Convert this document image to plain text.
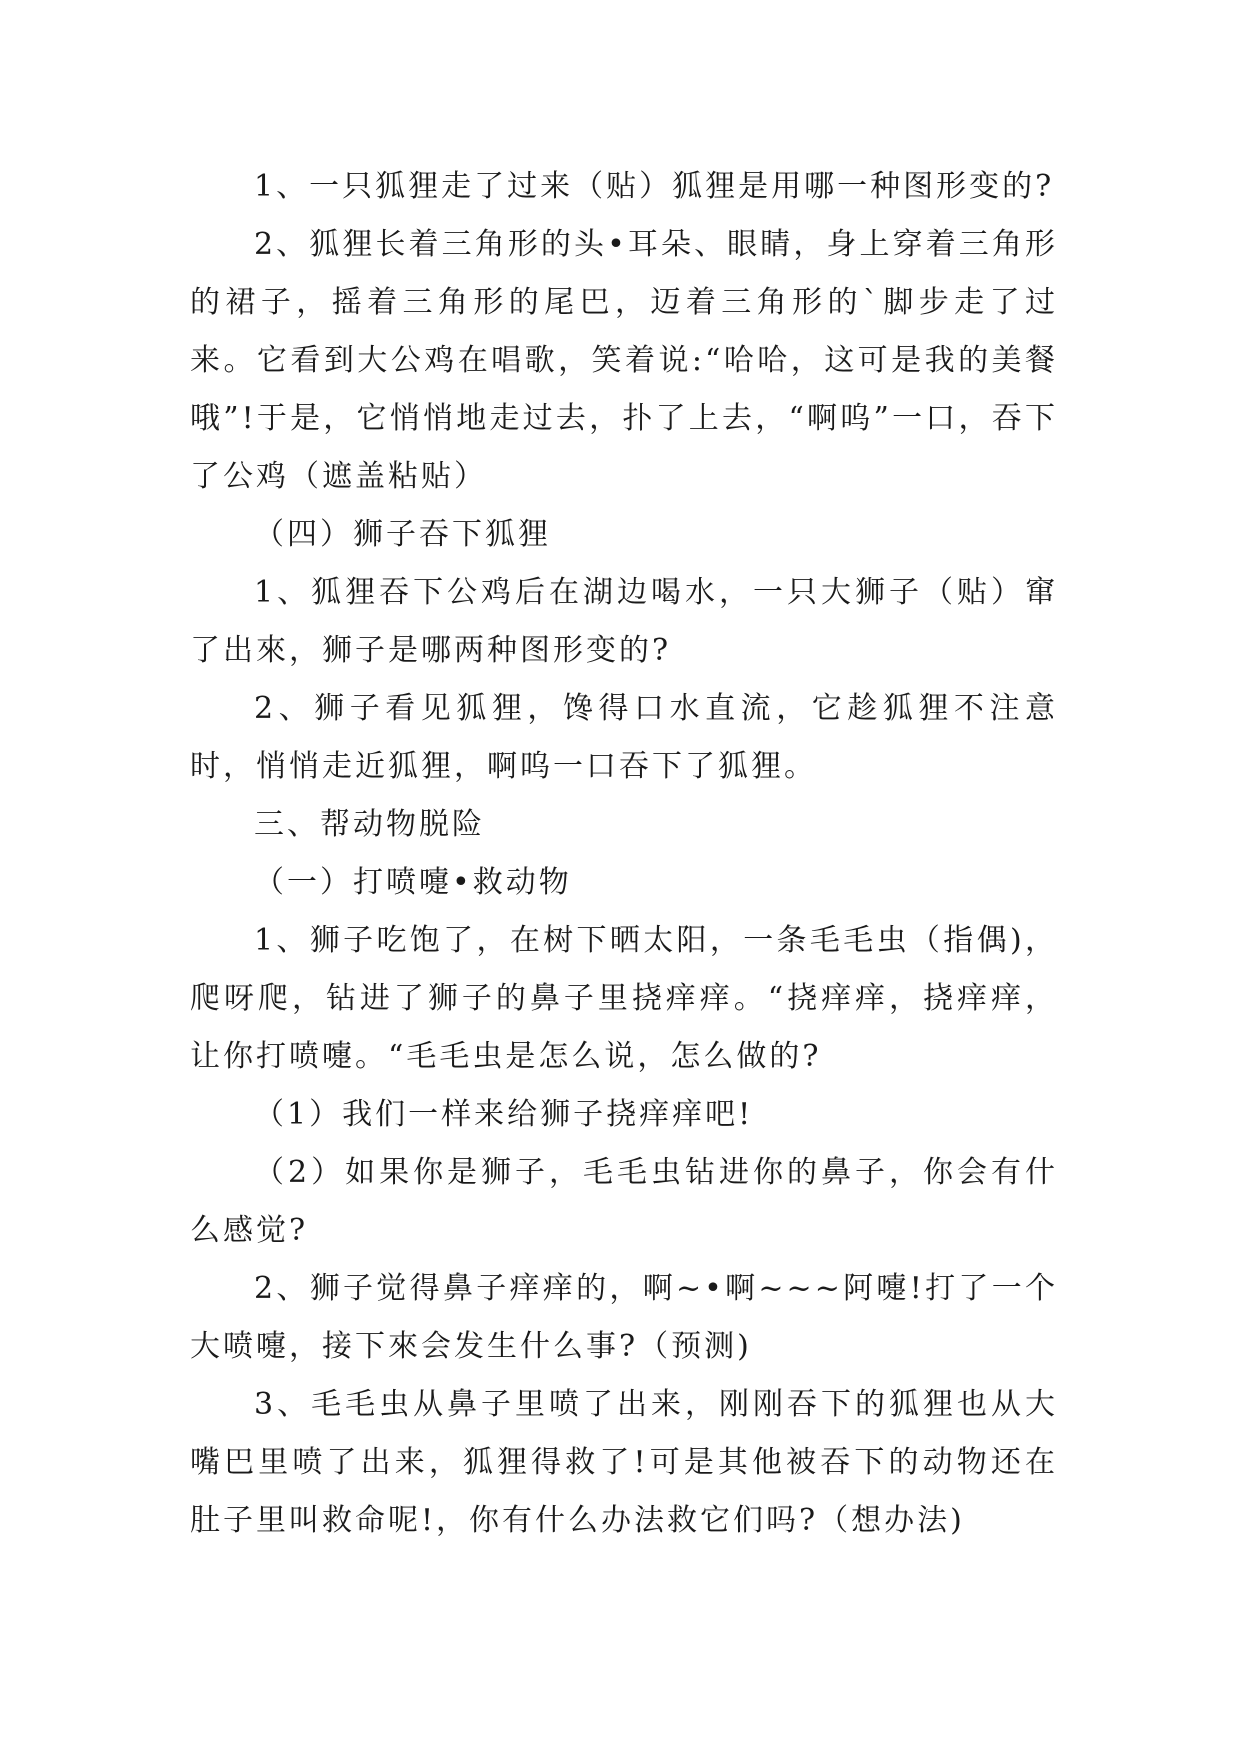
1、一只狐狸走了过来（贴）狐狸是用哪一种图形变的?

2、狐狸长着三角形的头•耳朵、眼睛，身上穿着三角形的裙子，摇着三角形的尾巴，迈着三角形的`脚步走了过来。它看到大公鸡在唱歌，笑着说:“哈哈，这可是我的美餐哦”!于是，它悄悄地走过去，扑了上去，“啊呜”一口，吞下了公鸡（遮盖粘贴）

（四）狮子吞下狐狸

1、狐狸吞下公鸡后在湖边喝水，一只大狮子（贴）窜了出來，狮子是哪两种图形变的?

2、狮子看见狐狸，馋得口水直流，它趁狐狸不注意时，悄悄走近狐狸，啊呜一口吞下了狐狸。

三、帮动物脱险

（一）打喷嚏•救动物

1、狮子吃饱了，在树下晒太阳，一条毛毛虫（指偶)，爬呀爬，钻进了狮子的鼻子里挠痒痒。“挠痒痒，挠痒痒，让你打喷嚏。“毛毛虫是怎么说，怎么做的?

（1）我们一样来给狮子挠痒痒吧!

（2）如果你是狮子，毛毛虫钻进你的鼻子，你会有什么感觉?

2、狮子觉得鼻子痒痒的，啊~•啊~~~阿嚏!打了一个大喷嚏，接下來会发生什么事?（预测)

3、毛毛虫从鼻子里喷了出来，刚刚吞下的狐狸也从大嘴巴里喷了出来，狐狸得救了!可是其他被吞下的动物还在肚子里叫救命呢!，你有什么办法救它们吗?（想办法)
